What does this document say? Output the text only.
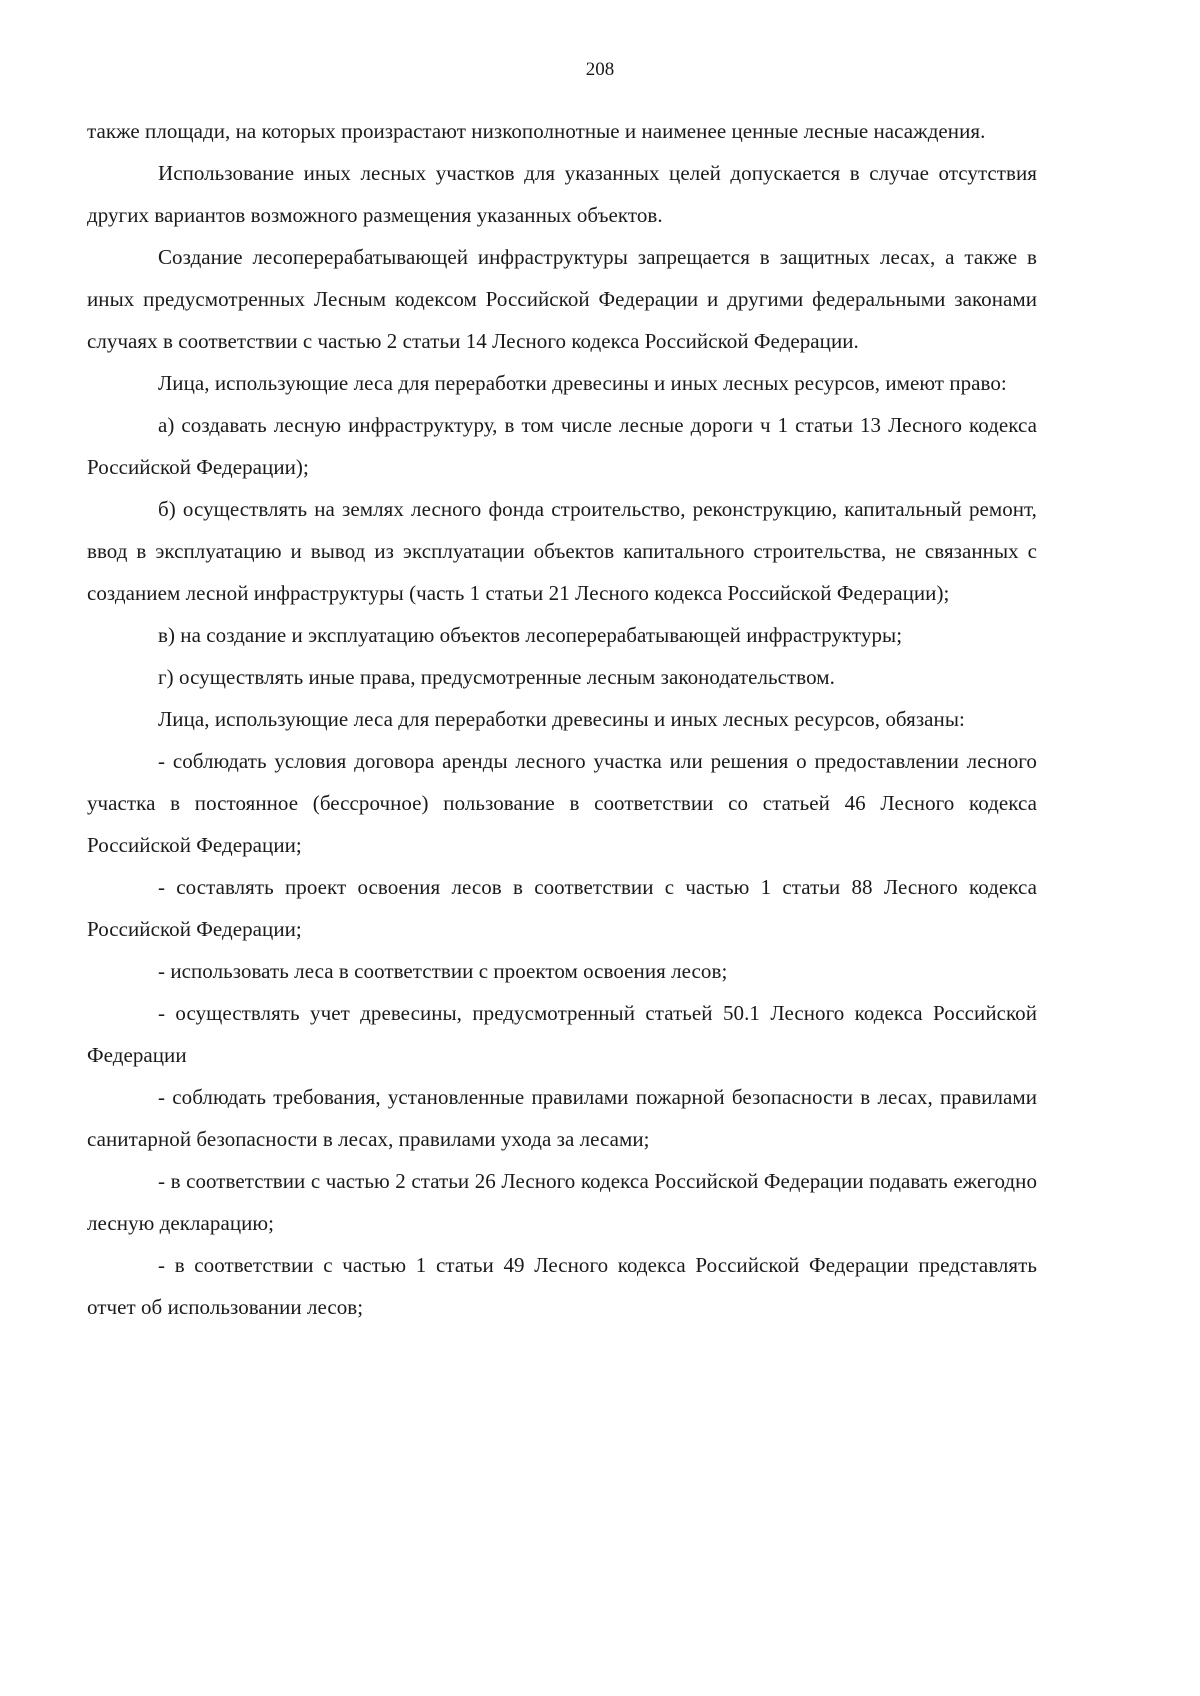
208

также площади, на которых произрастают низкополнотные и наименее ценные лесные насаждения.

Использование иных лесных участков для указанных целей допускается в случае отсутствия других вариантов возможного размещения указанных объектов.

Создание лесоперерабатывающей инфраструктуры запрещается в защитных лесах, а также в иных предусмотренных Лесным кодексом Российской Федерации и другими федеральными законами случаях в соответствии с частью 2 статьи 14 Лесного кодекса Российской Федерации.

Лица, использующие леса для переработки древесины и иных лесных ресурсов, имеют право:

а) создавать лесную инфраструктуру, в том числе лесные дороги ч 1 статьи 13 Лесного кодекса Российской Федерации);

б) осуществлять на землях лесного фонда строительство, реконструкцию, капитальный ремонт, ввод в эксплуатацию и вывод из эксплуатации объектов капитального строительства, не связанных с созданием лесной инфраструктуры (часть 1 статьи 21 Лесного кодекса Российской Федерации);

в) на создание и эксплуатацию объектов лесоперерабатывающей инфраструктуры;

г) осуществлять иные права, предусмотренные лесным законодательством.

Лица, использующие леса для переработки древесины и иных лесных ресурсов, обязаны:

- соблюдать условия договора аренды лесного участка или решения о предоставлении лесного участка в постоянное (бессрочное) пользование в соответствии со статьей 46 Лесного кодекса Российской Федерации;

- составлять проект освоения лесов в соответствии с частью 1 статьи 88 Лесного кодекса Российской Федерации;

- использовать леса в соответствии с проектом освоения лесов;

- осуществлять учет древесины, предусмотренный статьей 50.1 Лесного кодекса Российской Федерации

- соблюдать требования, установленные правилами пожарной безопасности в лесах, правилами санитарной безопасности в лесах, правилами ухода за лесами;

- в соответствии с частью 2 статьи 26 Лесного кодекса Российской Федерации подавать ежегодно лесную декларацию;

- в соответствии с частью 1 статьи 49 Лесного кодекса Российской Федерации представлять отчет об использовании лесов;
